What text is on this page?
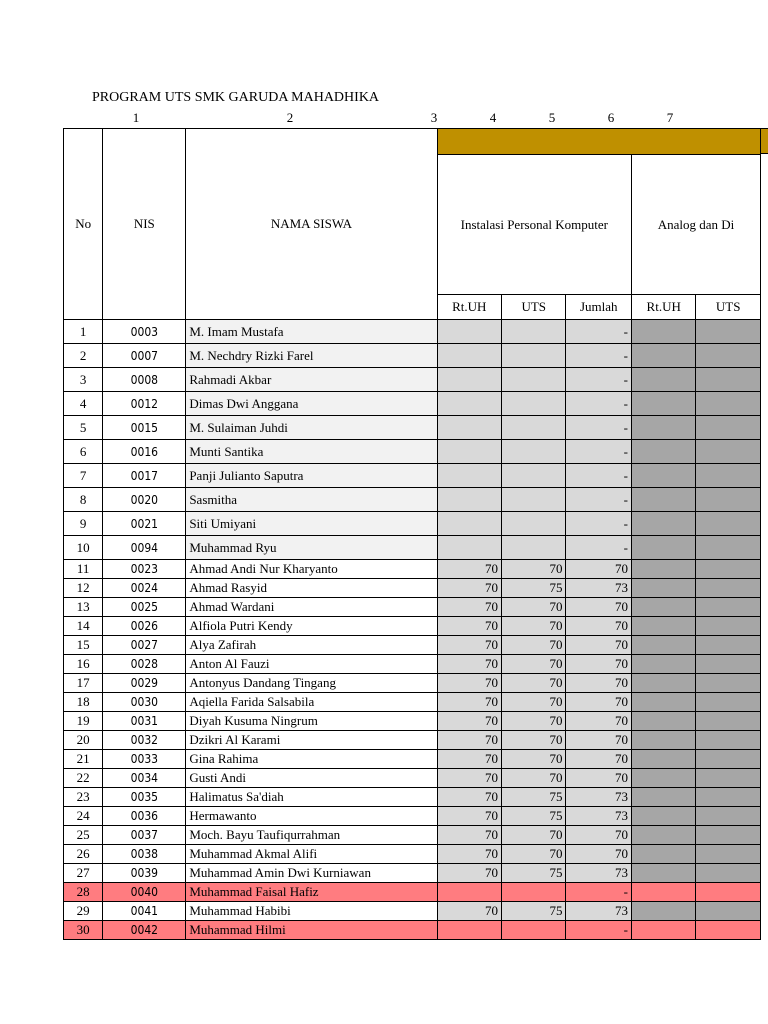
PROGRAM UTS SMK GARUDA MAHADHIKA
1	2	3	4	5	6	7
No	NIS	NAMA SISWA					
			Instalasi Personal Komputer			Analog dan Di	
			Rt.UH	UTS	Jumlah	Rt.UH	UTS
1	0003	M. Imam Mustafa			-		
2	0007	M. Nechdry Rizki Farel			-		
3	0008	Rahmadi Akbar			-		
4	0012	Dimas Dwi Anggana			-		
5	0015	M. Sulaiman Juhdi			-		
6	0016	Munti Santika			-		
7	0017	Panji Julianto Saputra			-		
8	0020	Sasmitha			-		
9	0021	Siti Umiyani			-		
10	0094	Muhammad Ryu			-		
11	0023	Ahmad Andi Nur Kharyanto	70	70	70		
12	0024	Ahmad Rasyid	70	75	73		
13	0025	Ahmad Wardani	70	70	70		
14	0026	Alfiola Putri Kendy	70	70	70		
15	0027	Alya Zafirah	70	70	70		
16	0028	Anton Al Fauzi	70	70	70		
17	0029	Antonyus Dandang Tingang	70	70	70		
18	0030	Aqiella Farida Salsabila	70	70	70		
19	0031	Diyah Kusuma Ningrum	70	70	70		
20	0032	Dzikri Al Karami	70	70	70		
21	0033	Gina Rahima	70	70	70		
22	0034	Gusti Andi	70	70	70		
23	0035	Halimatus Sa'diah	70	75	73		
24	0036	Hermawanto	70	75	73		
25	0037	Moch. Bayu Taufiqurrahman	70	70	70		
26	0038	Muhammad Akmal Alifi	70	70	70		
27	0039	Muhammad Amin Dwi Kurniawan	70	75	73		
28	0040	Muhammad Faisal Hafiz			-		
29	0041	Muhammad Habibi	70	75	73		
30	0042	Muhammad Hilmi			-		
